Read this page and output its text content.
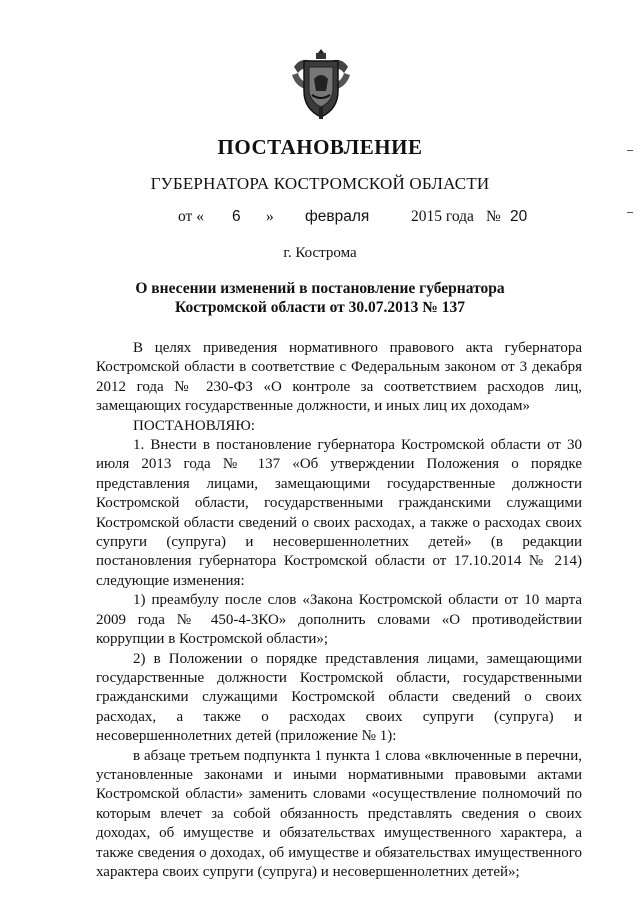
ПОСТАНОВЛЕНИЕ
ГУБЕРНАТОРА КОСТРОМСКОЙ ОБЛАСТИ
от « 6 » февраля	2015 года № 20
г. Кострома
О внесении изменений в постановление губернатора
Костромской области от 30.07.2013 № 137

В целях приведения нормативного правового акта губернатора Костромской области в соответствие с Федеральным законом от 3 декабря 2012 года № 230-ФЗ «О контроле за соответствием расходов лиц, замещающих государственные должности, и иных лиц их доходам»

ПОСТАНОВЛЯЮ:

1. Внести в постановление губернатора Костромской области от 30 июля 2013 года № 137 «Об утверждении Положения о порядке представления лицами, замещающими государственные должности Костромской области, государственными гражданскими служащими Костромской области сведений о своих расходах, а также о расходах своих супруги (супруга) и несовершеннолетних детей» (в редакции постановления губернатора Костромской области от 17.10.2014 № 214) следующие изменения:

1) преамбулу после слов «Закона Костромской области от 10 марта 2009 года № 450-4-ЗКО» дополнить словами «О противодействии коррупции в Костромской области»;

2) в Положении о порядке представления лицами, замещающими государственные должности Костромской области, государственными гражданскими служащими Костромской области сведений о своих расходах, а также о расходах своих супруги (супруга) и несовершеннолетних детей (приложение № 1):

в абзаце третьем подпункта 1 пункта 1 слова «включенные в перечни, установленные законами и иными нормативными правовыми актами Костромской области» заменить словами «осуществление полномочий по которым влечет за собой обязанность представлять сведения о своих доходах, об имуществе и обязательствах имущественного характера, а также сведения о доходах, об имуществе и обязательствах имущественного характера своих супруги (супруга) и несовершеннолетних детей»;
